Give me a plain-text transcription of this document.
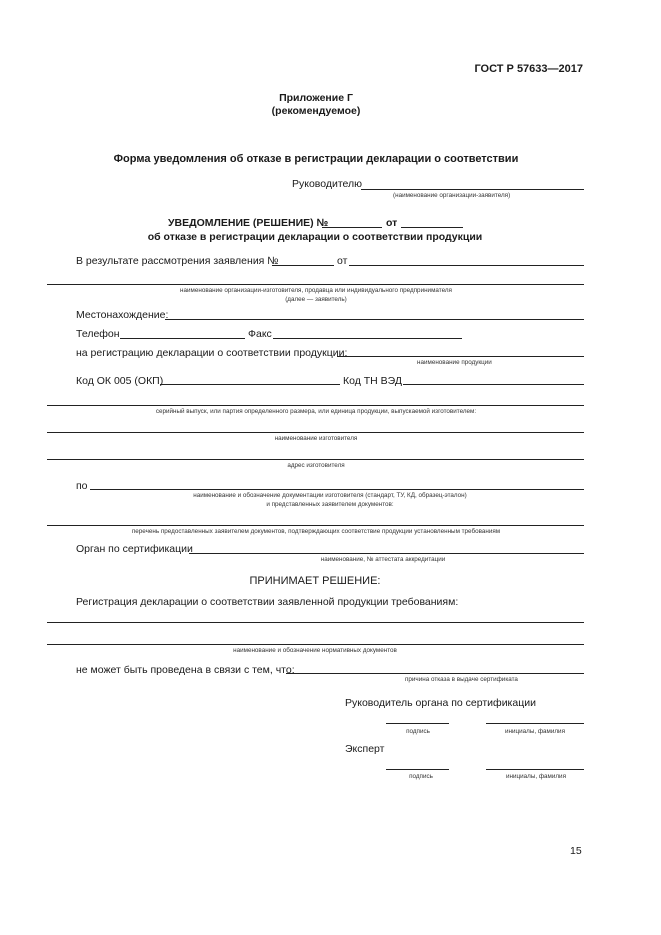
ГОСТ Р 57633—2017
Приложение Г
(рекомендуемое)
Форма уведомления об отказе в регистрации декларации о соответствии
Руководителю
(наименование организации-заявителя)
УВЕДОМЛЕНИЕ (РЕШЕНИЕ) №	от
об отказе в регистрации декларации о соответствии продукции
В результате рассмотрения заявления №	от
наименование организации-изготовителя, продавца или индивидуального предпринимателя
(далее — заявитель)
Местонахождение:
Телефон	Факс
на регистрацию декларации о соответствии продукции:
наименование продукции
Код ОК 005 (ОКП)	Код ТН ВЭД
серийный выпуск, или партия определенного размера, или единица продукции, выпускаемой изготовителем:
наименование изготовителя
адрес изготовителя
по
наименование и обозначение документации изготовителя (стандарт, ТУ, КД, образец-эталон)
и представленных заявителем документов:
перечень предоставленных заявителем документов, подтверждающих соответствие продукции установленным требованиям
Орган по сертификации
наименование, № аттестата аккредитации
ПРИНИМАЕТ РЕШЕНИЕ:
Регистрация декларации о соответствии заявленной продукции требованиям:
наименование и обозначение нормативных документов
не может быть проведена в связи с тем, что:
причина отказа в выдаче сертификата
Руководитель органа по сертификации
подпись	инициалы, фамилия
Эксперт
подпись	инициалы, фамилия
15
